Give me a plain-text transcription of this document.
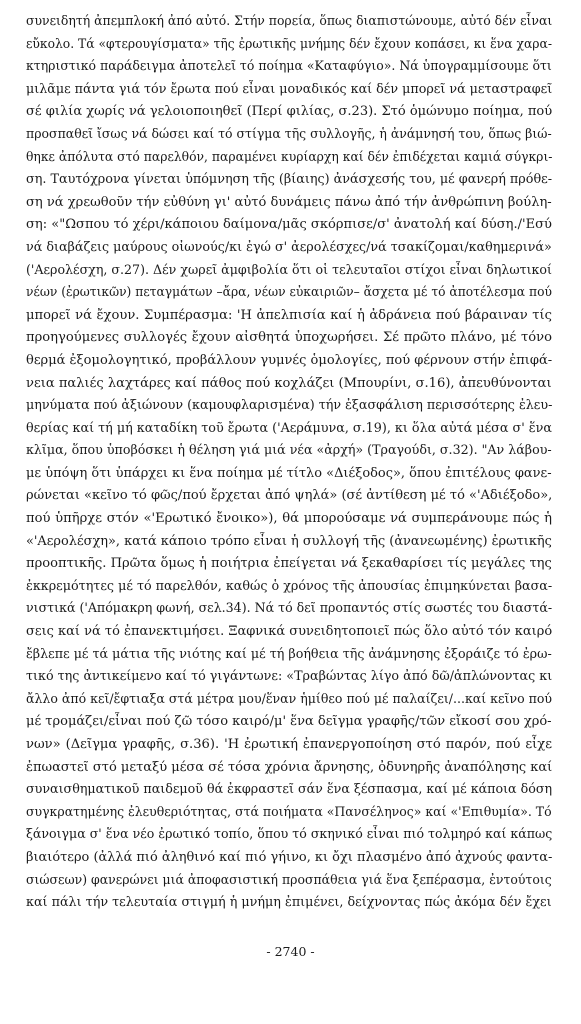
συνειδητή ἀπεμπλοκή ἀπό αὐτό. Στήν πορεία, ὅπως διαπιστώνουμε, αὐτό δέν εἶναι
εὔκολο. Τά «φτερουγίσματα» τῆς ἐρωτικῆς μνήμης δέν ἔχουν κοπάσει, κι ἕνα χαρα-
κτηριστικό παράδειγμα ἀποτελεῖ τό ποίημα «Καταφύγιο». Νά ὑπογραμμίσουμε ὅτι
μιλᾶμε πάντα γιά τόν ἔρωτα πού εἶναι μοναδικός καί δέν μπορεῖ νά μεταστραφεῖ
σέ φιλία χωρίς νά γελοιοποιηθεῖ (Περί φιλίας, σ.23). Στό ὁμώνυμο ποίημα, πού
προσπαθεῖ ἴσως νά δώσει καί τό στίγμα τῆς συλλογῆς, ἡ ἀνάμνησή του, ὅπως βιώ-
θηκε ἀπόλυτα στό παρελθόν, παραμένει κυρίαρχη καί δέν ἐπιδέχεται καμιά σύγκρι-
ση. Ταυτόχρονα γίνεται ὑπόμνηση τῆς (βίαιης) ἀνάσχεσής του, μέ φανερή πρόθε-
ση νά χρεωθοῦν τήν εὐθύνη γι' αὐτό δυνάμεις πάνω ἀπό τήν ἀνθρώπινη βούλη-
ση: «"Ωσπου τό χέρι/κάποιου δαίμονα/μᾶς σκόρπισε/σ' ἀνατολή καί δύση./'Εσύ
νά διαβάζεις μαύρους οἰωνούς/κι ἐγώ σ' ἀερολέσχες/νά τσακίζομαι/καθημερινά»
('Αερολέσχη, σ.27). Δέν χωρεῖ ἀμφιβολία ὅτι οἱ τελευταῖοι στίχοι εἶναι δηλωτικοί
νέων (ἐρωτικῶν) πεταγμάτων –ἄρα, νέων εὐκαιριῶν– ἄσχετα μέ τό ἀποτέλεσμα πού
μπορεῖ νά ἔχουν. Συμπέρασμα: 'Η ἀπελπισία καί ἡ ἀδράνεια πού βάραιναν τίς
προηγούμενες συλλογές ἔχουν αἰσθητά ὑποχωρήσει. Σέ πρῶτο πλάνο, μέ τόνο
θερμά ἐξομολογητικό, προβάλλουν γυμνές ὁμολογίες, πού φέρνουν στήν ἐπιφά-
νεια παλιές λαχτάρες καί πάθος πού κοχλάζει (Μπουρίνι, σ.16), ἀπευθύνονται
μηνύματα πού ἀξιώνουν (καμουφλαρισμένα) τήν ἐξασφάλιση περισσότερης ἐλευ-
θερίας καί τή μή καταδίκη τοῦ ἔρωτα ('Αεράμυνα, σ.19), κι ὅλα αὐτά μέσα σ' ἕνα
κλῖμα, ὅπου ὑποβόσκει ἡ θέληση γιά μιά νέα «ἀρχή» (Τραγούδι, σ.32). "Αν λάβου-
με ὑπόψη ὅτι ὑπάρχει κι ἕνα ποίημα μέ τίτλο «Διέξοδος», ὅπου ἐπιτέλους φανε-
ρώνεται «κεῖνο τό φῶς/πού ἔρχεται ἀπό ψηλά» (σέ ἀντίθεση μέ τό «'Αδιέξοδο»,
πού ὑπῆρχε στόν «'Ερωτικό ἔνοικο»), θά μπορούσαμε νά συμπεράνουμε πώς ἡ
«'Αερολέσχη», κατά κάποιο τρόπο εἶναι ἡ συλλογή τῆς (ἀνανεωμένης) ἐρωτικῆς
προοπτικῆς. Πρῶτα ὅμως ἡ ποιήτρια ἐπείγεται νά ξεκαθαρίσει τίς μεγάλες της
ἐκκρεμότητες μέ τό παρελθόν, καθώς ὁ χρόνος τῆς ἀπουσίας ἐπιμηκύνεται βασα-
νιστικά ('Απόμακρη φωνή, σελ.34). Νά τό δεῖ προπαντός στίς σωστές του διαστά-
σεις καί νά τό ἐπανεκτιμήσει. Ξαφνικά συνειδητοποιεῖ πώς ὅλο αὐτό τόν καιρό
ἔβλεπε μέ τά μάτια τῆς νιότης καί μέ τή βοήθεια τῆς ἀνάμνησης ἐξοράιζε τό ἐρω-
τικό της ἀντικείμενο καί τό γιγάντωνε: «Τραβώντας λίγο ἀπό δῶ/ἁπλώνοντας κι
ἄλλο ἀπό κεῖ/ἔφτιαξα στά μέτρα μου/ἕναν ἡμίθεο πού μέ παλαίζει/...καί κεῖνο πού
μέ τρομάζει/εἶναι πού ζῶ τόσο καιρό/μ' ἕνα δεῖγμα γραφῆς/τῶν εἴκοσί σου χρό-
νων» (Δεῖγμα γραφῆς, σ.36). 'Η ἐρωτική ἐπανεργοποίηση στό παρόν, πού εἶχε
ἐπωαστεῖ στό μεταξύ μέσα σέ τόσα χρόνια ἄρνησης, ὀδυνηρῆς ἀναπόλησης καί
συναισθηματικοῦ παιδεμοῦ θά ἐκφραστεῖ σάν ἕνα ξέσπασμα, καί μέ κάποια δόση
συγκρατημένης ἐλευθεριότητας, στά ποιήματα «Πανσέληνος» καί «'Επιθυμία». Τό
ξάνοιγμα σ' ἕνα νέο ἐρωτικό τοπίο, ὅπου τό σκηνικό εἶναι πιό τολμηρό καί κάπως
βιαιότερο (ἀλλά πιό ἀληθινό καί πιό γήινο, κι ὄχι πλασμένο ἀπό ἀχνούς φαντα-
σιώσεων) φανερώνει μιά ἀποφασιστική προσπάθεια γιά ἕνα ξεπέρασμα, ἐντούτοις
καί πάλι τήν τελευταία στιγμή ἡ μνήμη ἐπιμένει, δείχνοντας πώς ἀκόμα δέν ἔχει
- 2740 -
